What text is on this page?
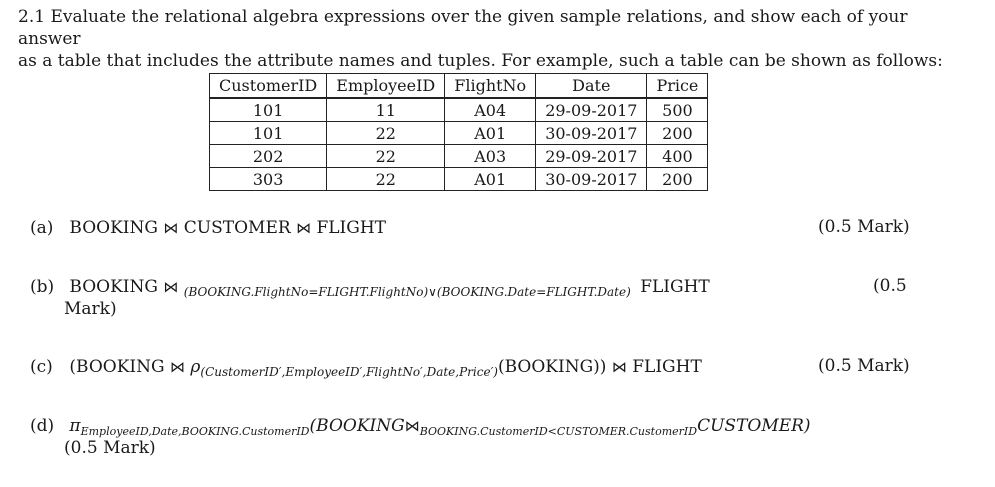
2.1 Evaluate the relational algebra expressions over the given sample relations, and show each of your answer
as a table that includes the attribute names and tuples. For example, such a table can be shown as follows:
CustomerID	EmployeeID	FlightNo	Date	Price
101	11	A04	29-09-2017	500
101	22	A01	30-09-2017	200
202	22	A03	29-09-2017	400
303	22	A01	30-09-2017	200
(a) BOOKING ⋈ CUSTOMER ⋈ FLIGHT	(0.5 Mark)
(b) BOOKING ⋈ $_{(BOOKING.FlightNo=FLIGHT.FlightNo)\vee(BOOKING.Date=FLIGHT.Date)}$ FLIGHT	(0.5
Mark)
(c) (BOOKING ⋈ $\rho_{(CustomerID',EmployeeID',FlightNo',Date,Price')}(BOOKING)$) ⋈ FLIGHT	(0.5 Mark)
(d) $\pi_{EmployeeID,Date,BOOKING.CustomerID}(BOOKING⋈_{BOOKING.CustomerID<CUSTOMER.CustomerID}CUSTOMER)$
(0.5 Mark)
